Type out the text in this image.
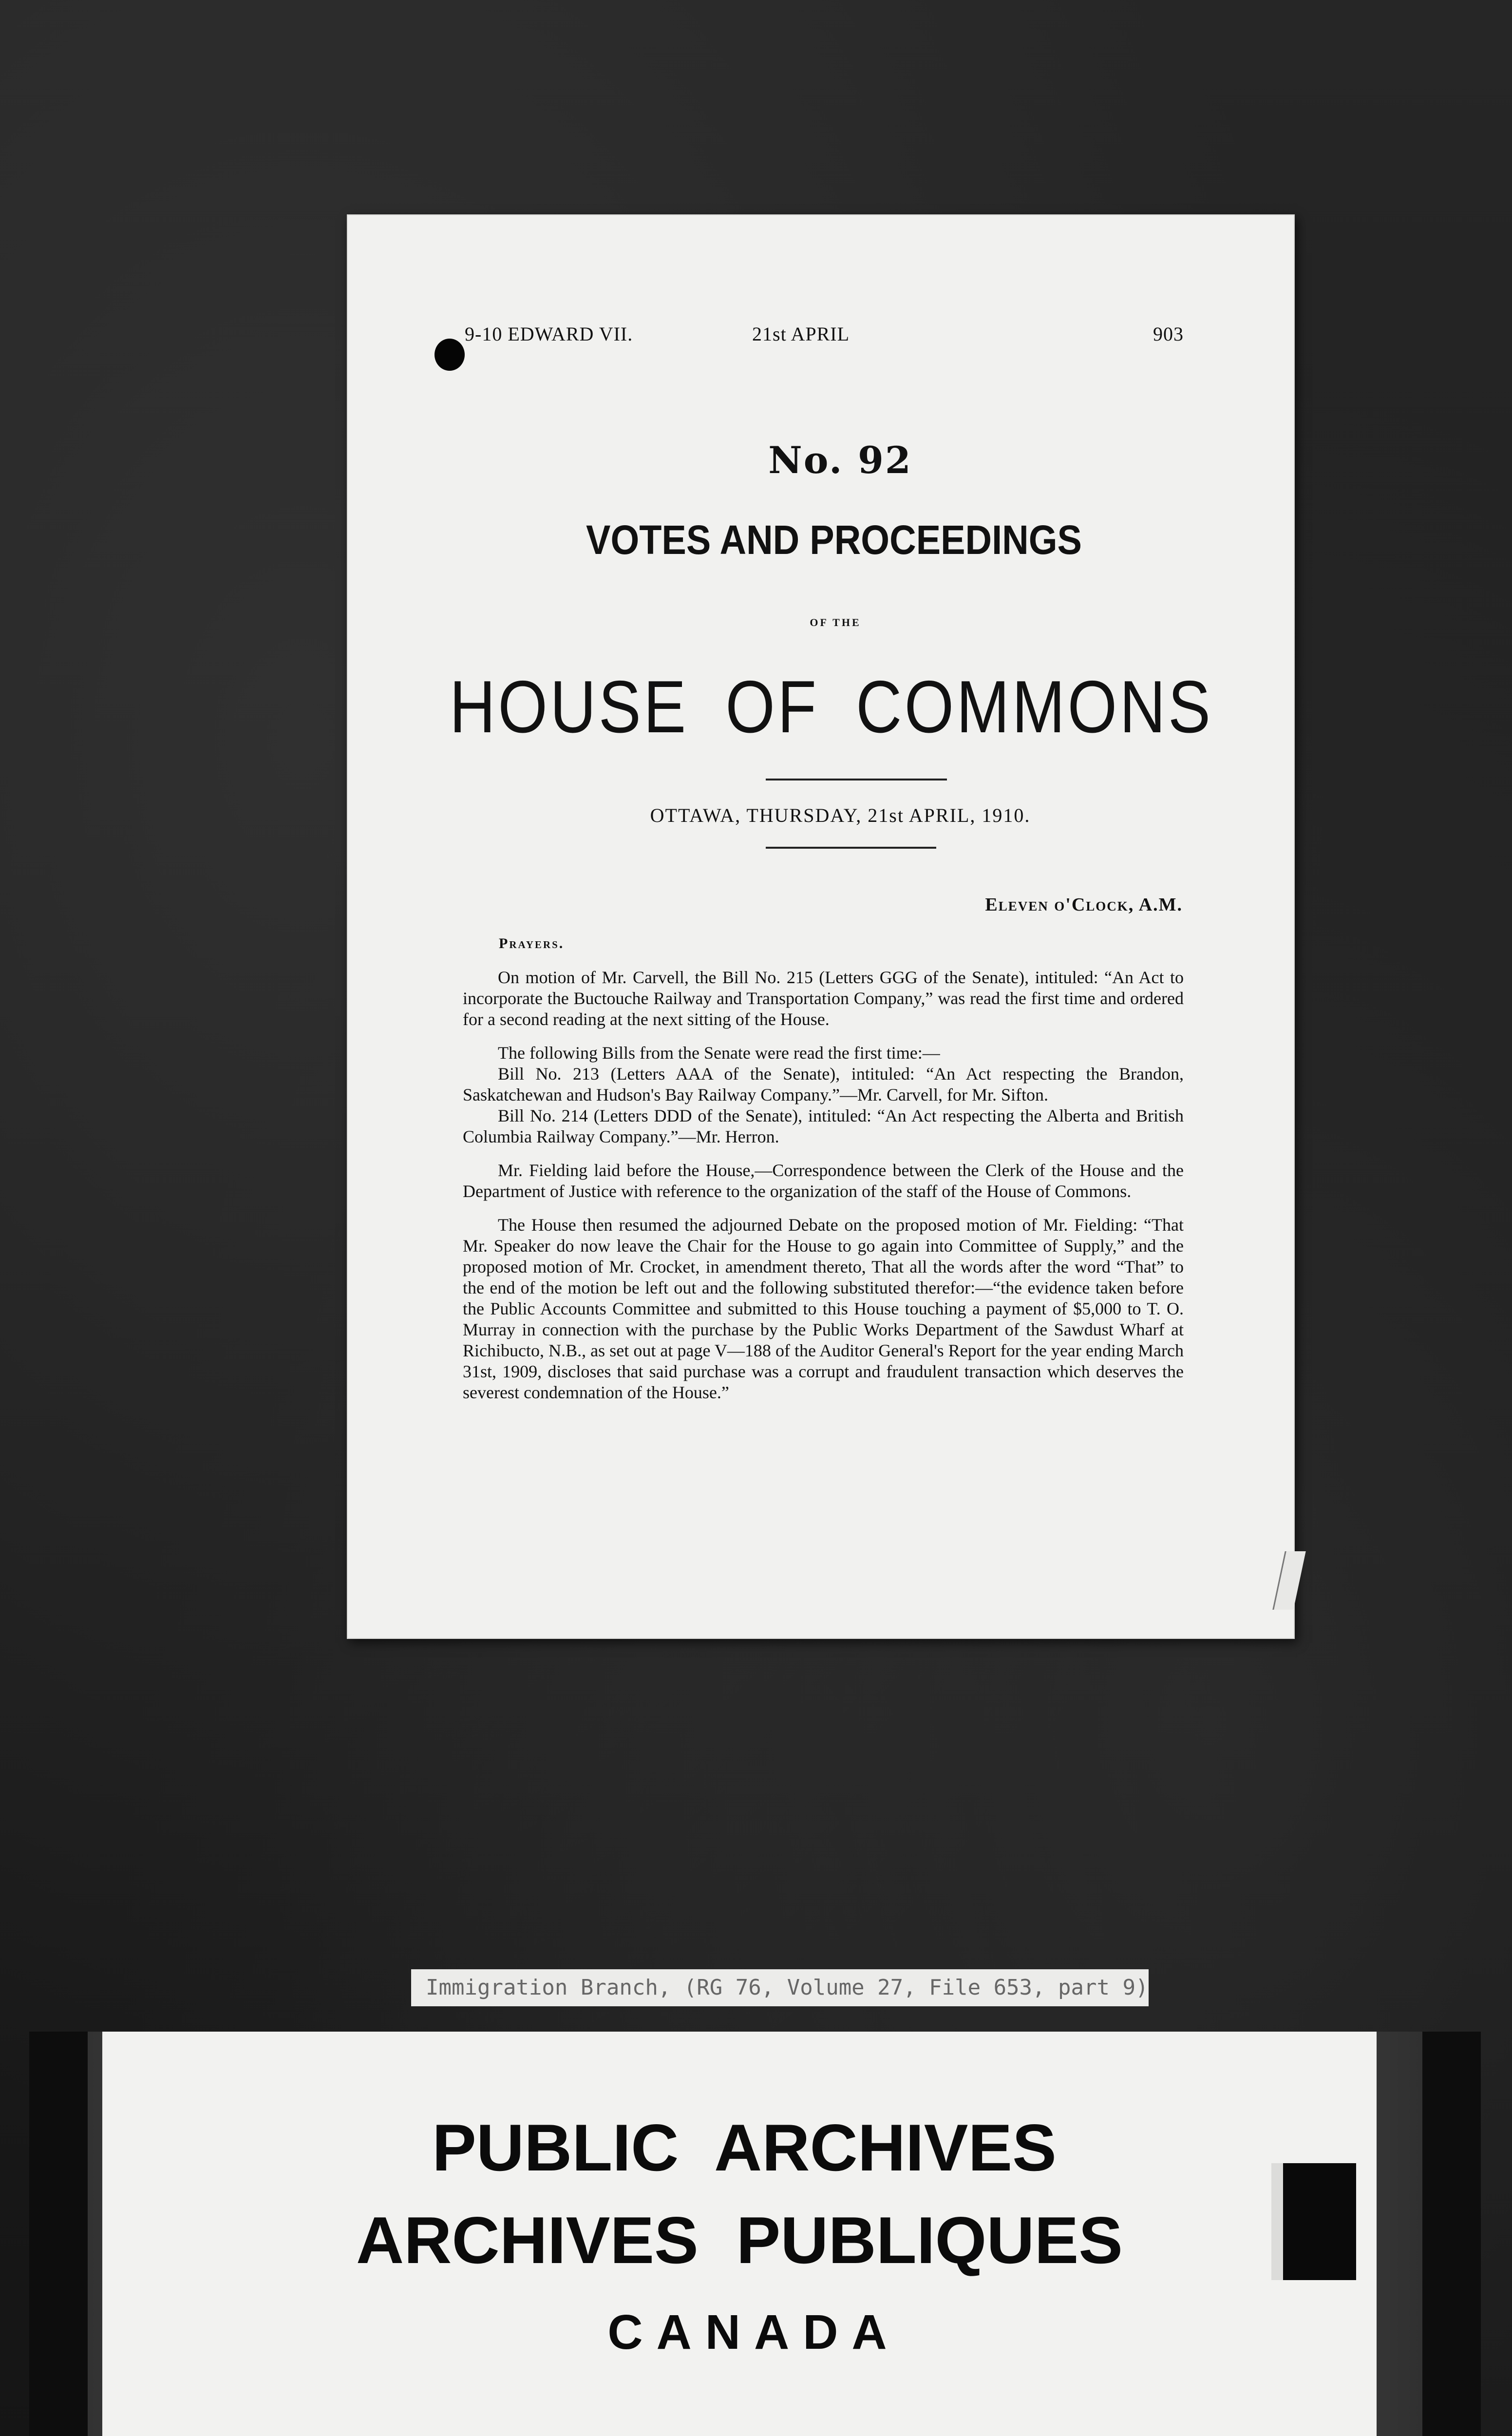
9-10 EDWARD VII.	21st APRIL	903
No. 92
VOTES AND PROCEEDINGS
OF THE
HOUSE OF COMMONS
OTTAWA, THURSDAY, 21st APRIL, 1910.
Eleven o'Clock, A.M.
Prayers.

On motion of Mr. Carvell, the Bill No. 215 (Letters GGG of the Senate), intituled: “An Act to incorporate the Buctouche Railway and Transportation Company,” was read the first time and ordered for a second reading at the next sitting of the House.

The following Bills from the Senate were read the first time:—

Bill No. 213 (Letters AAA of the Senate), intituled: “An Act respecting the Brandon, Saskatchewan and Hudson's Bay Railway Company.”—Mr. Carvell, for Mr. Sifton.

Bill No. 214 (Letters DDD of the Senate), intituled: “An Act respecting the Alberta and British Columbia Railway Company.”—Mr. Herron.

Mr. Fielding laid before the House,—Correspondence between the Clerk of the House and the Department of Justice with reference to the organization of the staff of the House of Commons.

The House then resumed the adjourned Debate on the proposed motion of Mr. Fielding: “That Mr. Speaker do now leave the Chair for the House to go again into Committee of Supply,” and the proposed motion of Mr. Crocket, in amendment thereto, That all the words after the word “That” to the end of the motion be left out and the following substituted therefor:—“the evidence taken before the Public Accounts Committee and submitted to this House touching a payment of $5,000 to T. O. Murray in connection with the purchase by the Public Works Department of the Sawdust Wharf at Richibucto, N.B., as set out at page V—188 of the Auditor General's Report for the year ending March 31st, 1909, discloses that said purchase was a corrupt and fraudulent transaction which deserves the severest condemnation of the House.”

Immigration Branch, (RG 76, Volume 27, File 653, part 9)
PUBLIC ARCHIVES
ARCHIVES PUBLIQUES
CANADA
